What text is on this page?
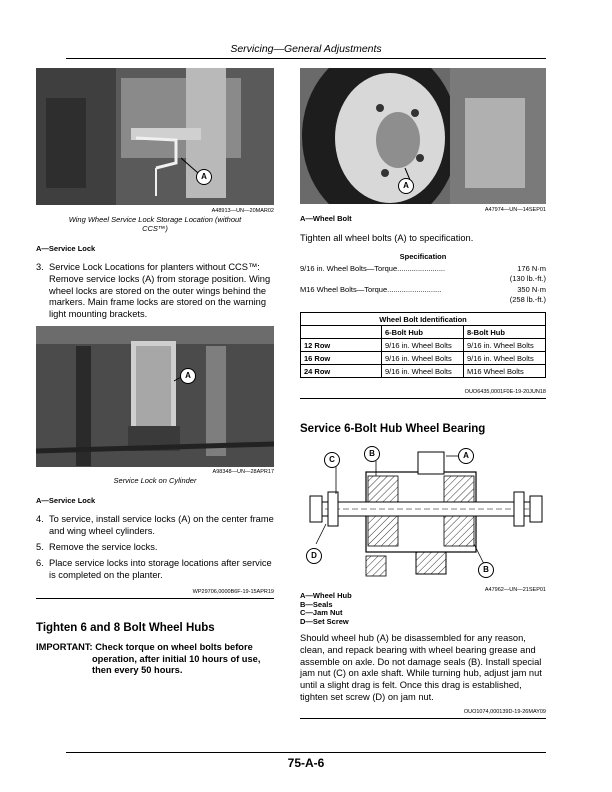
Servicing—General Adjustments
A
A48913—UN—20MAR02
Wing Wheel Service Lock Storage Location (without CCS™)
A—Service Lock
3. Service Lock Locations for planters without CCS™: Remove service locks (A) from storage position. Wing wheel locks are stored on the outer wings behind the markers. Main frame locks are stored on the warning light mounting brackets.
A
A98348—UN—28APR17
Service Lock on Cylinder
A—Service Lock
4. To service, install service locks (A) on the center frame and wing wheel cylinders.
5. Remove the service locks.
6. Place service locks into storage locations after service is completed on the planter.
WP29706,0000B6F-19-15APR19
Tighten 6 and 8 Bolt Wheel Hubs
IMPORTANT: Check torque on wheel bolts before operation, after initial 10 hours of use, then every 50 hours.
A
A47974—UN—14SEP01
A—Wheel Bolt
Tighten all wheel bolts (A) to specification.
Specification
9/16 in. Wheel Bolts—Torque .......................	176 N·m
(130 lb.-ft.)
M16 Wheel Bolts—Torque ..........................	350 N·m
(258 lb.-ft.)
Wheel Bolt Identification		
	6-Bolt Hub	8-Bolt Hub
12 Row	9/16 in. Wheel Bolts	9/16 in. Wheel Bolts
16 Row	9/16 in. Wheel Bolts	9/16 in. Wheel Bolts
24 Row	9/16 in. Wheel Bolts	M16 Wheel Bolts
OUO6435,0001F0E-19-20JUN18
Service 6-Bolt Hub Wheel Bearing
C
B	A
B
D
A47962—UN—21SEP01
A—Wheel Hub
B—Seals
C—Jam Nut
D—Set Screw
Should wheel hub (A) be disassembled for any reason, clean, and repack bearing with wheel bearing grease and assemble on axle. Do not damage seals (B). Install special jam nut (C) on axle shaft. While turning hub, adjust jam nut until a slight drag is felt. Once this drag is established, tighten set screw (D) on jam nut.
OUO1074,000139D-19-26MAY09
75-A-6
